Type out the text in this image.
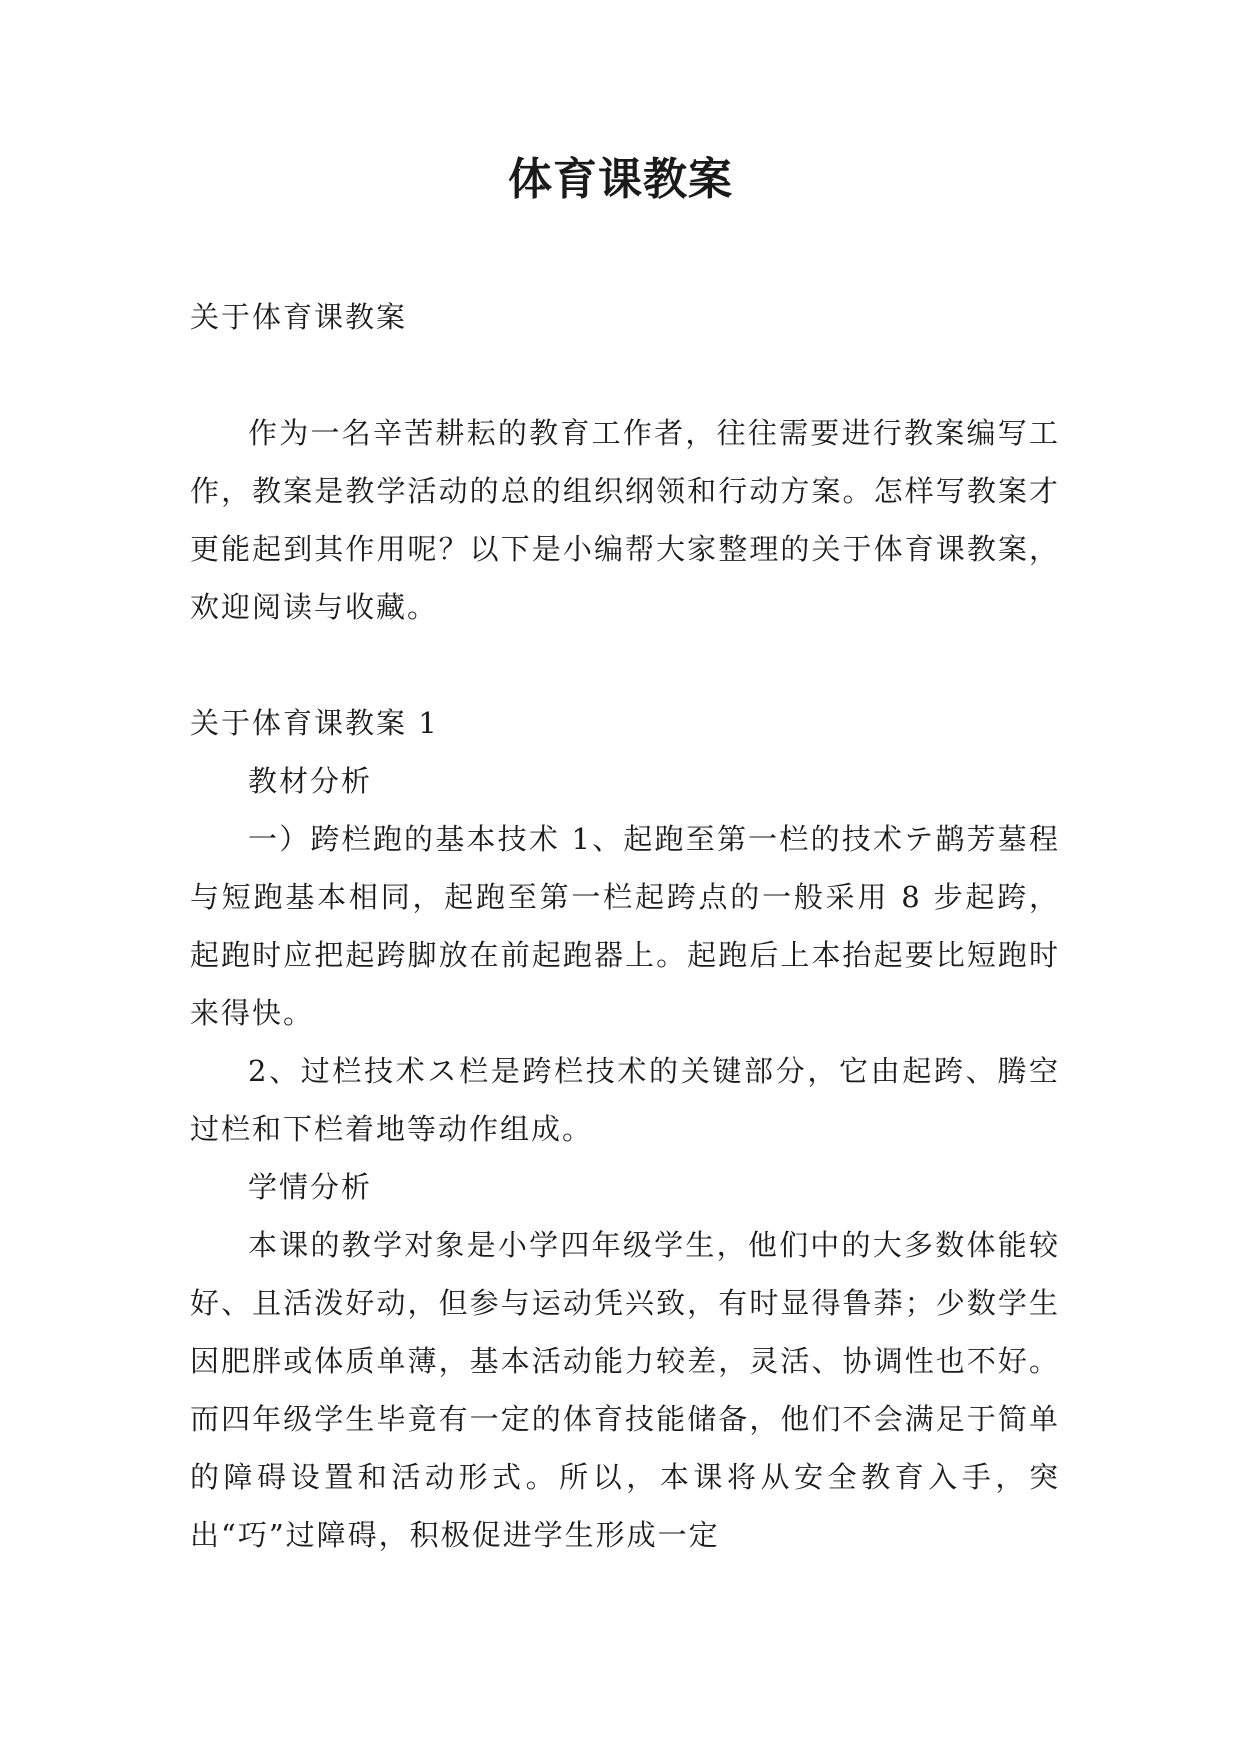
体育课教案

关于体育课教案

作为一名辛苦耕耘的教育工作者，往往需要进行教案编写工作，教案是教学活动的总的组织纲领和行动方案。怎样写教案才更能起到其作用呢？以下是小编帮大家整理的关于体育课教案，欢迎阅读与收藏。

关于体育课教案 1

教材分析

一）跨栏跑的基本技术 1、起跑至第一栏的技术テ鹋芳墓程与短跑基本相同，起跑至第一栏起跨点的一般采用 8 步起跨，起跑时应把起跨脚放在前起跑器上。起跑后上本抬起要比短跑时来得快。

2、过栏技术ス栏是跨栏技术的关键部分，它由起跨、腾空过栏和下栏着地等动作组成。

学情分析

本课的教学对象是小学四年级学生，他们中的大多数体能较好、且活泼好动，但参与运动凭兴致，有时显得鲁莽；少数学生因肥胖或体质单薄，基本活动能力较差，灵活、协调性也不好。而四年级学生毕竟有一定的体育技能储备，他们不会满足于简单的障碍设置和活动形式。所以，本课将从安全教育入手，突出“巧”过障碍，积极促进学生形成一定
